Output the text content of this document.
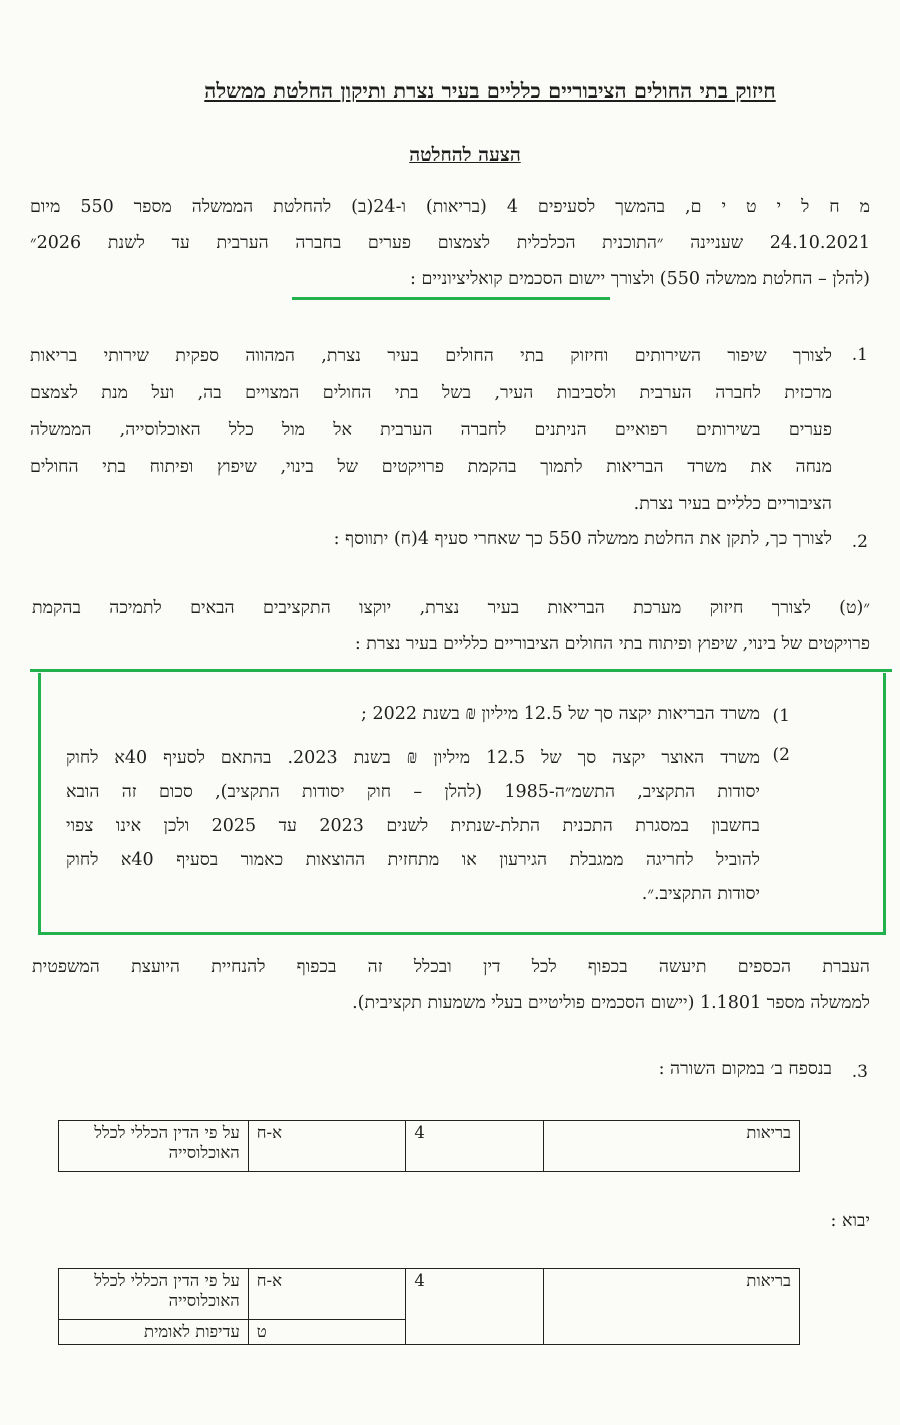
חיזוק בתי החולים הציבוריים כלליים בעיר נצרת ותיקון החלטת ממשלה
הצעה להחלטה
מ ח ל י ט י ם, בהמשך לסעיפים 4 (בריאות) ו-24(ב) להחלטת הממשלה מספר 550 מיום
24.10.2021 שעניינה ״התוכנית הכלכלית לצמצום פערים בחברה הערבית עד לשנת 2026״
(להלן – החלטת ממשלה 550) ולצורך יישום הסכמים קואליציוניים :
1.
לצורך שיפור השירותים וחיזוק בתי החולים בעיר נצרת, המהווה ספקית שירותי בריאות
מרכזית לחברה הערבית ולסביבות העיר, בשל בתי החולים המצויים בה, ועל מנת לצמצם
פערים בשירותים רפואיים הניתנים לחברה הערבית אל מול כלל האוכלוסייה, הממשלה
מנחה את משרד הבריאות לתמוך בהקמת פרויקטים של בינוי, שיפוץ ופיתוח בתי החולים
הציבוריים כלליים בעיר נצרת.
2.
לצורך כך, לתקן את החלטת ממשלה 550 כך שאחרי סעיף 4(ח) יתווסף :
״(ט) לצורך חיזוק מערכת הבריאות בעיר נצרת, יוקצו התקציבים הבאים לתמיכה בהקמת
פרויקטים של בינוי, שיפוץ ופיתוח בתי החולים הציבוריים כלליים בעיר נצרת :
1)
משרד הבריאות יקצה סך של 12.5 מיליון ₪ בשנת 2022 ;
2)
משרד האוצר יקצה סך של 12.5 מיליון ₪ בשנת 2023. בהתאם לסעיף 40א לחוק
יסודות התקציב, התשמ״ה-1985 (להלן – חוק יסודות התקציב), סכום זה הובא
בחשבון במסגרת התכנית התלת-שנתית לשנים 2023 עד 2025 ולכן אינו צפוי
להוביל לחריגה ממגבלת הגירעון או מתחזית ההוצאות כאמור בסעיף 40א לחוק
יסודות התקציב.״.
העברת הכספים תיעשה בכפוף לכל דין ובכלל זה בכפוף להנחיית היועצת המשפטית
לממשלה מספר 1.1801 (יישום הסכמים פוליטיים בעלי משמעות תקציבית).
3.
בנספח ב׳ במקום השורה :
בריאות	4	א-ח	על פי הדין הכללי לכלל האוכלוסייה
יבוא :
בריאות	4	א-ח	על פי הדין הכללי לכלל האוכלוסייה
		ט	עדיפות לאומית
